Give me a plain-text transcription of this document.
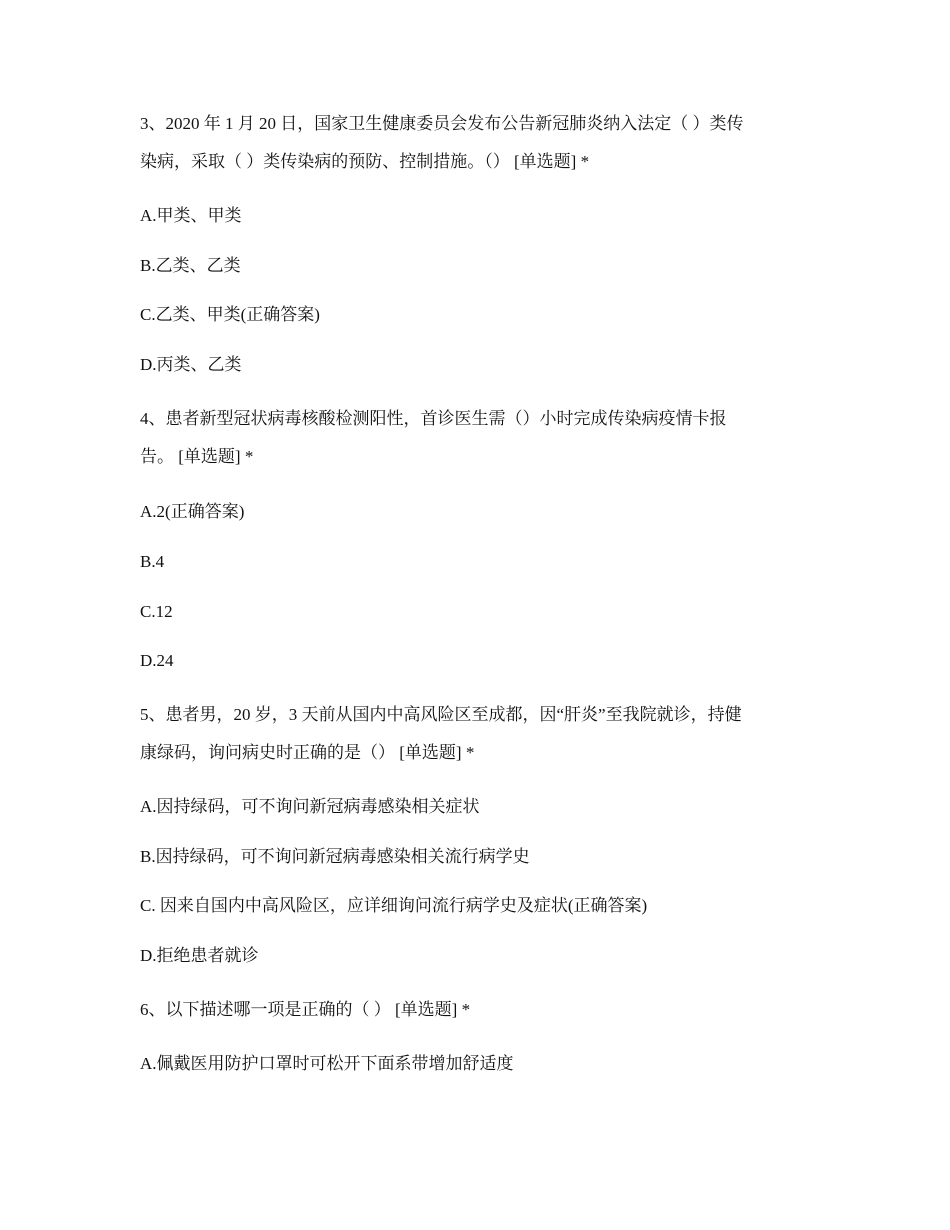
3、2020 年 1 月 20 日，国家卫生健康委员会发布公告新冠肺炎纳入法定（ ）类传
染病，采取（ ）类传染病的预防、控制措施。（） [单选题] *
A.甲类、甲类
B.乙类、乙类
C.乙类、甲类(正确答案)
D.丙类、乙类
4、患者新型冠状病毒核酸检测阳性，首诊医生需（）小时完成传染病疫情卡报
告。 [单选题] *
A.2(正确答案)
B.4
C.12
D.24
5、患者男，20 岁，3 天前从国内中高风险区至成都，因“肝炎”至我院就诊，持健
康绿码，询问病史时正确的是（） [单选题] *
A.因持绿码，可不询问新冠病毒感染相关症状
B.因持绿码，可不询问新冠病毒感染相关流行病学史
C. 因来自国内中高风险区，应详细询问流行病学史及症状(正确答案)
D.拒绝患者就诊
6、以下描述哪一项是正确的（ ） [单选题] *
A.佩戴医用防护口罩时可松开下面系带增加舒适度
